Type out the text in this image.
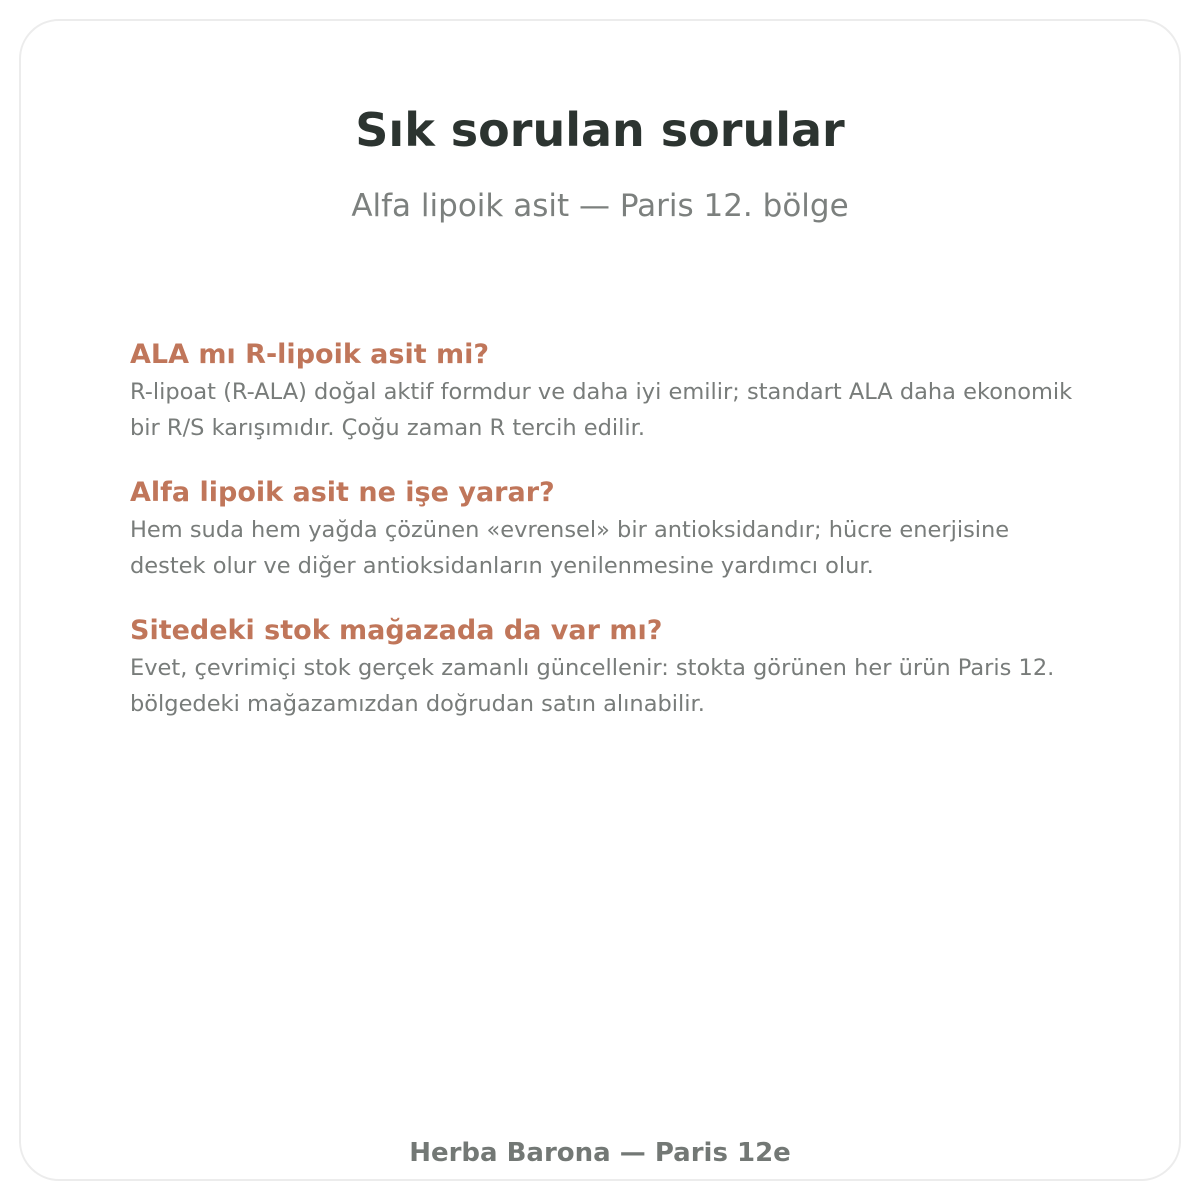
Sık sorulan sorular

Alfa lipoik asit — Paris 12. bölge

ALA mı R-lipoik asit mi?

R-lipoat (R-ALA) doğal aktif formdur ve daha iyi emilir; standart ALA daha ekonomik bir R/S karışımıdır. Çoğu zaman R tercih edilir.

Alfa lipoik asit ne işe yarar?

Hem suda hem yağda çözünen «evrensel» bir antioksidandır; hücre enerjisine destek olur ve diğer antioksidanların yenilenmesine yardımcı olur.

Sitedeki stok mağazada da var mı?

Evet, çevrimiçi stok gerçek zamanlı güncellenir: stokta görünen her ürün Paris 12. bölgedeki mağazamızdan doğrudan satın alınabilir.

Herba Barona — Paris 12e
